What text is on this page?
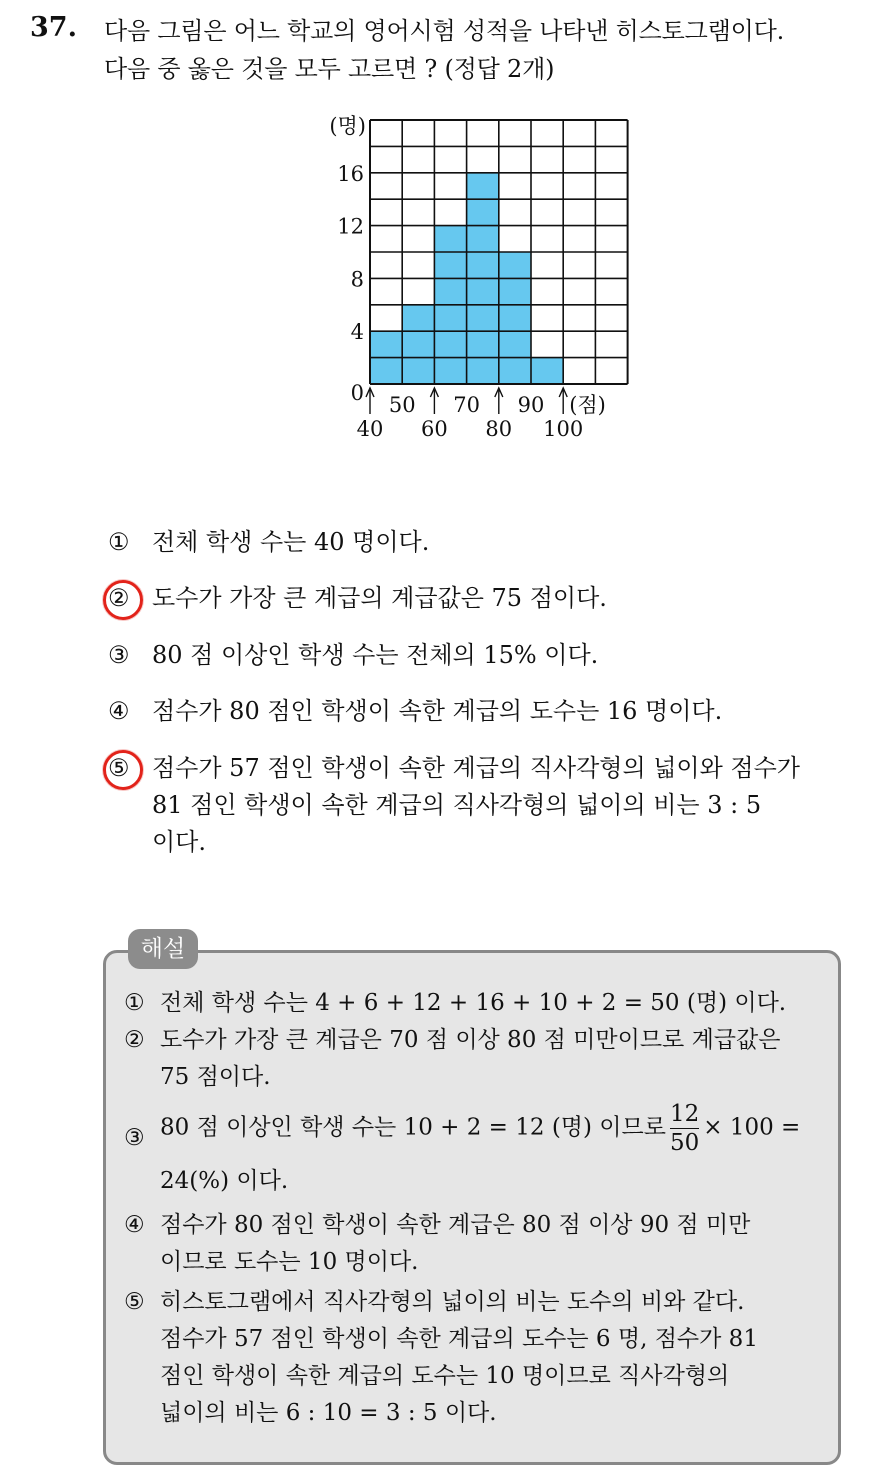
37. 다음 그림은 어느 학교의 영어시험 성적을 나타낸 히스토그램이다.
다음 중 옳은 것을 모두 고르면 ? (정답 2개)
(명)
0
4
8
12
16
40 60 80 100
50 70 90 (점)
① 전체 학생 수는 40 명이다.
② 도수가 가장 큰 계급의 계급값은 75 점이다.
③ 80 점 이상인 학생 수는 전체의 15% 이다.
④ 점수가 80 점인 학생이 속한 계급의 도수는 16 명이다.
⑤ 점수가 57 점인 학생이 속한 계급의 직사각형의 넓이와 점수가
81 점인 학생이 속한 계급의 직사각형의 넓이의 비는 3 : 5
이다.
해설
① 전체 학생 수는 4 + 6 + 12 + 16 + 10 + 2 = 50 (명) 이다.
② 도수가 가장 큰 계급은 70 점 이상 80 점 미만이므로 계급값은
75 점이다.
③ 80 점 이상인 학생 수는 10 + 2 = 12 (명) 이므로 $\frac{12}{50} \times 100$ =
24(%) 이다.
④ 점수가 80 점인 학생이 속한 계급은 80 점 이상 90 점 미만
이므로 도수는 10 명이다.
⑤ 히스토그램에서 직사각형의 넓이의 비는 도수의 비와 같다.
점수가 57 점인 학생이 속한 계급의 도수는 6 명, 점수가 81
점인 학생이 속한 계급의 도수는 10 명이므로 직사각형의
넓이의 비는 6 : 10 = 3 : 5 이다.
